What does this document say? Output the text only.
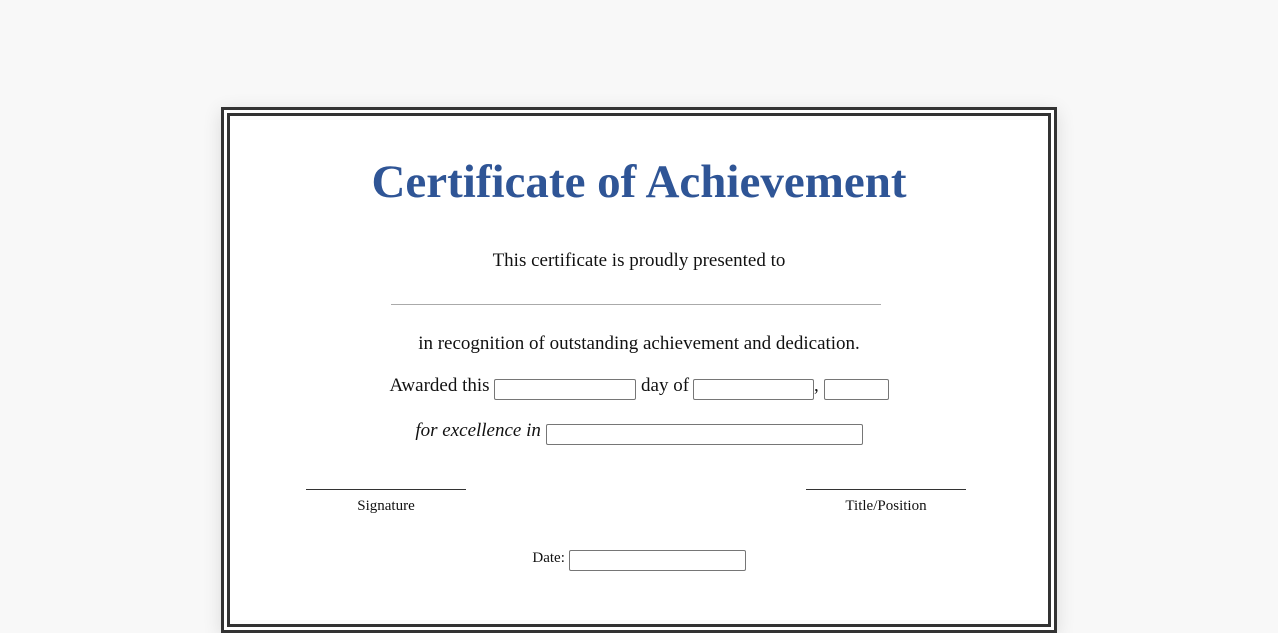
Certificate of Achievement
This certificate is proudly presented to
in recognition of outstanding achievement and dedication.
Awarded this	day of	,
for excellence in
Signature	Title/Position
Date:
